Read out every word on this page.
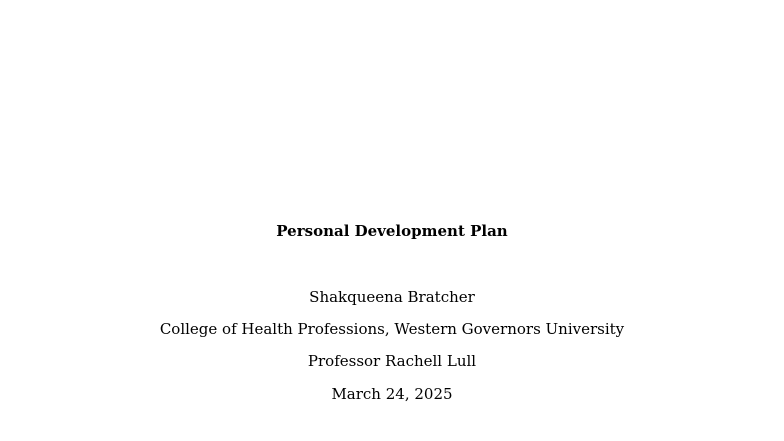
Personal Development Plan
Shakqueena Bratcher
College of Health Professions, Western Governors University
Professor Rachell Lull
March 24, 2025
